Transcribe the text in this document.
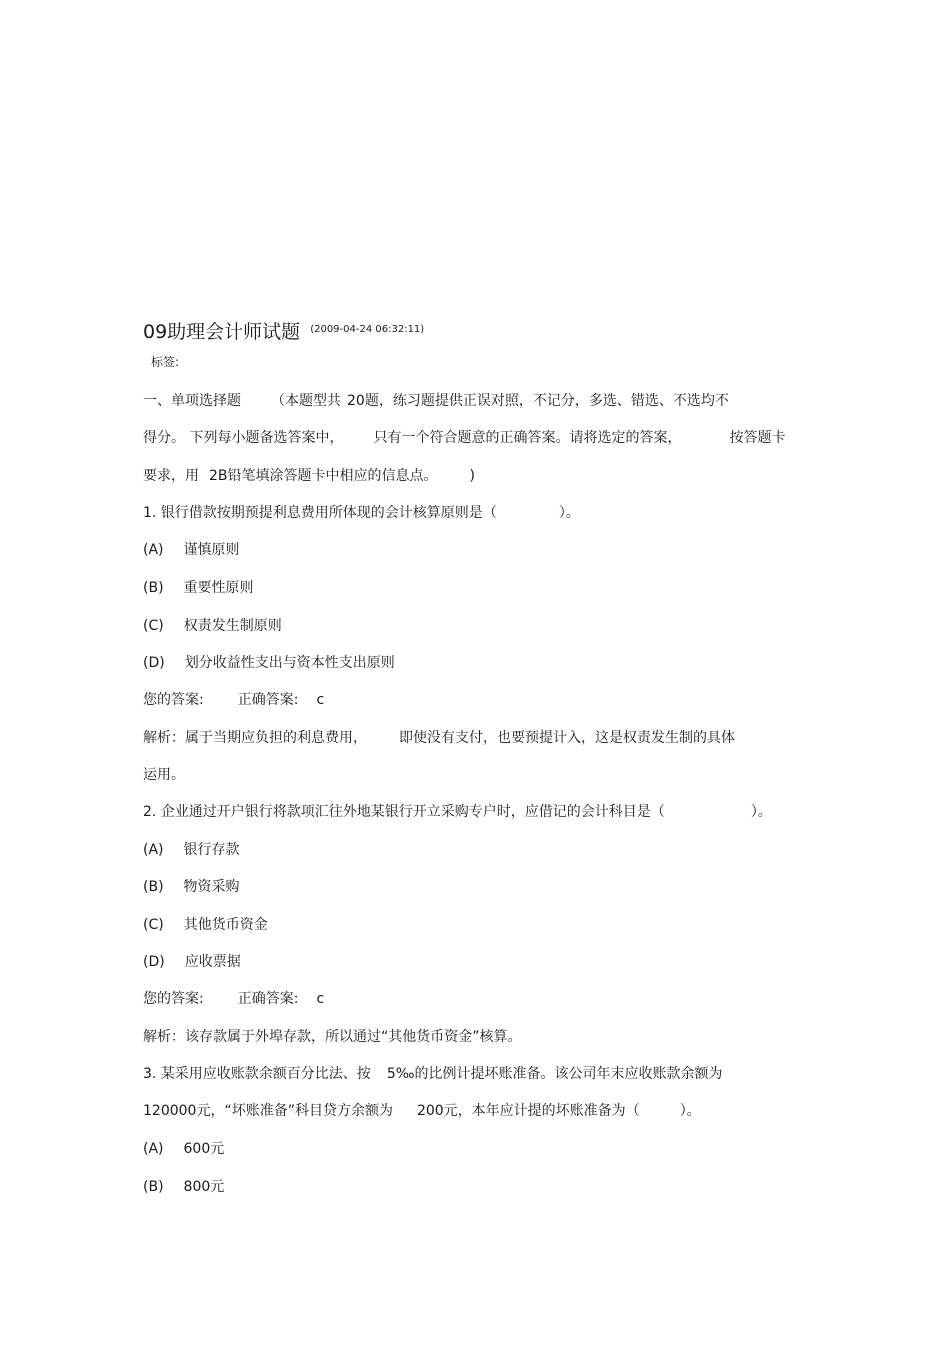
09助理会计师试题 $^{(2009-04-24 06:32:11)}$
标签:
一、单项选择题 （本题型共 20题，练习题提供正误对照，不记分，多选、错选、不选均不
得分。 下列每小题备选答案中， 只有一个符合题意的正确答案。请将选定的答案，	按答题卡
要求，用 2B铅笔填涂答题卡中相应的信息点。 )
1. 银行借款按期预提利息费用所体现的会计核算原则是（	）。
(A) 谨慎原则
(B) 重要性原则
(C) 权责发生制原则
(D) 划分收益性支出与资本性支出原则
您的答案: 正确答案: c
解析：属于当期应负担的利息费用， 即使没有支付，也要预提计入，这是权责发生制的具体
运用。
2. 企业通过开户银行将款项汇往外地某银行开立采购专户时，应借记的会计科目是（	）。
(A) 银行存款
(B) 物资采购
(C) 其他货币资金
(D) 应收票据
您的答案: 正确答案: c
解析：该存款属于外埠存款，所以通过“其他货币资金”核算。
3. 某采用应收账款余额百分比法、按 5‰的比例计提坏账准备。该公司年末应收账款余额为
120000元，“坏账准备”科目贷方余额为 200元，本年应计提的坏账准备为（	）。
(A) 600元
(B) 800元
